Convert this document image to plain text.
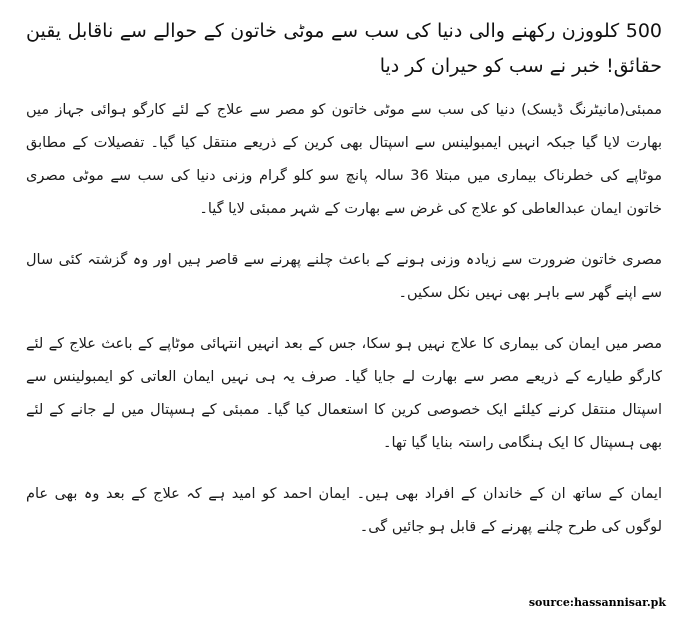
500 کلووزن رکھنے والی دنیا کی سب سے موٹی خاتون کے حوالے سے ناقابل یقین حقائق! خبر نے سب کو حیران کر دیا

ممبئی(مانیٹرنگ ڈیسک) دنیا کی سب سے موٹی خاتون کو مصر سے علاج کے لئے کارگو ہوائی جہاز میں بھارت لایا گیا جبکہ انہیں ایمبولینس سے اسپتال بھی کرین کے ذریعے منتقل کیا گیا۔ تفصیلات کے مطابق موٹاپے کی خطرناک بیماری میں مبتلا 36 سالہ پانچ سو کلو گرام وزنی دنیا کی سب سے موٹی مصری خاتون ایمان عبدالعاطی کو علاج کی غرض سے بھارت کے شہر ممبئی لایا گیا۔

مصری خاتون ضرورت سے زیادہ وزنی ہونے کے باعث چلنے پھرنے سے قاصر ہیں اور وہ گزشتہ کئی سال سے اپنے گھر سے باہر بھی نہیں نکل سکیں۔

مصر میں ایمان کی بیماری کا علاج نہیں ہو سکا، جس کے بعد انہیں انتہائی موٹاپے کے باعث علاج کے لئے کارگو طیارے کے ذریعے مصر سے بھارت لے جایا گیا۔ صرف یہ ہی نہیں ایمان العاتی کو ایمبولینس سے اسپتال منتقل کرنے کیلئے ایک خصوصی کرین کا استعمال کیا گیا۔ ممبئی کے ہسپتال میں لے جانے کے لئے بھی ہسپتال کا ایک ہنگامی راستہ بنایا گیا تھا۔

ایمان کے ساتھ ان کے خاندان کے افراد بھی ہیں۔ ایمان احمد کو امید ہے کہ علاج کے بعد وہ بھی عام لوگوں کی طرح چلنے پھرنے کے قابل ہو جائیں گی۔

source:hassannisar.pk
